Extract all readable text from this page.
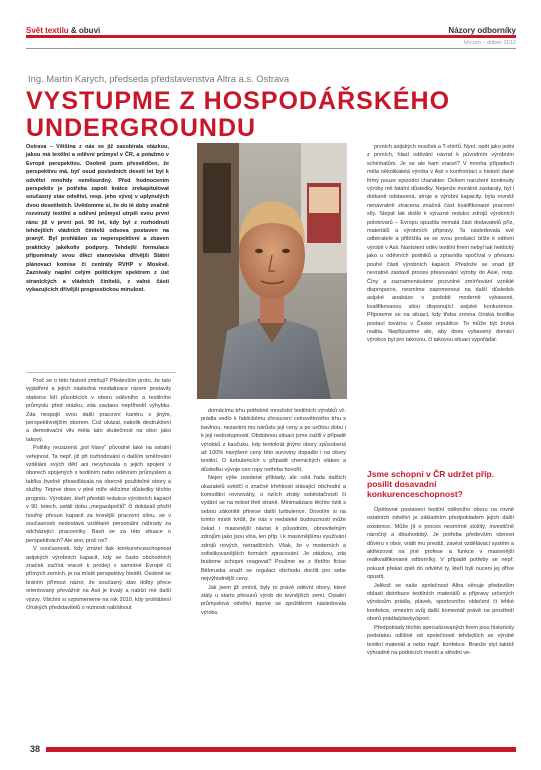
Svět textilu & obuvi	Názory odborníky
březen – duben 2012
Ing. Martin Karych, předseda představenstva Altra a.s. Ostrava
VYSTUPME Z HOSPODÁŘSKÉHO UNDERGROUNDU

Ostrava – Většina z nás se již zasobírala otázkou, jakou má textilní a oděvní průmysl v ČR, a potažmo v Evropě perspektivu. Osobně jsem přesvědčen, že perspektivu má, byť osud posledních desetí let byl k odvětví mnohdy nemilosrdný. Před hodnocením perspektiv je potřeba zapoít krátce zrekapitulovat současný stav odvětví, resp. jeho vývoj v uplynulých dvou desetiletích. Uvědomme si, že do té doby značně rozvinutý textilní a oděvní průmysl utrpěl svou první ránu již v první pol. 90 let, kdy byl z rozhodnutí tehdejších vládních činitelů odsova postaven na pranýř. Byl prohlášen za neperspektivní a zbaven prakticky jakékoliv podpory. Tehdejší formulace připomínaly svou dikci stanoviska dřívější Státní plánovací komise či centrály RVHP v Moskvě. Zaznívaly naplní celým politickým spektrem z úst stranických a vládních činitelů, z valné části vykazujících dřívější prognostickou minulost.

Proč se o této historii zmiňuji? Především proto, že tato vyjádření a jejich následná medializace rázem postavily statisíce lidí působících v oboru oděvního a textilního průmyslu před otázku, zda zavtaou nepříhodit výhybku. Zda nespojit svou další pracovní kariéru s jiným, perspektivnějším oborem. Což ukázal, nakolik destruktivní a demotivační vliv měla tato skutečnost na obor jako takový.

Politiky nezazená „pol hlavy" původně také na ostatní veřejnost. Ta nepř. již při rozhodování o dalším směřování vzdělání svých dětí ani nevyhovala o jejich spojení v oborech spojených s textilním nebo oděvním průmyslem a takřka živelně přesedlávala na obecně použitelné obory a služby. Teprve dnes v plné míře sklízíme důsledky těchto prognóz. Výrobám, kteří přestáli redukce výrobních kapacit v 90. letech, ustáli dobu „megazápočtů" či dokázali přežít houfný přesun kapacit za levnější pracovní sílou, se v současnosti nedostává vzdělané personální náhrady za odcházející pracovníky. Bavit se za této situace o perspektivách? Ale ano, proč ne?

V současnosti, kdy zmizel tlak konkurenceschopnost asijských výrobních kapacit, kdy se často obchodních značek začíná vracet k prodeji v samotné Evropě či přímých zemích, je na místě perspektivy hledět. Osobně se bráním přímout názor, že současný stav dolby přece orientovaný převážně na Asii je trvalý a nabízí mé další výzvy. Všichni si vzpomeneme na rok 2010, kdy prohlášení čínských představitelů o nutnosti nabídnout

domácímu trhu potřebné množství textilních výrobků vč. prádla vedlo k faktickému zhroucení celosvětového trhu s bavlnou, nezantmi mu nárůstu její ceny a po určitou dobu i k její nedostupnosti. Obdobnou situaci jsme zažili v případě výrobků z kaučuku, kdy tentokrát jinými obory způsobená až 100% navýšení ceny této suroviny dopadlo i na obory textilní. O turbulencích v případě chemických vláken a důsledku vývoje cen ropy netřeba hovořit.

Nejen výše uvedené příklady, ale celá řada dalších ukazatelů svědčí o značné křehkosti stávající obchodní a komoditní rovnováhy, o riziích ztráty soběstačnosti či vydání se na milost třetí straně. Minimalizace těchto rizik s sebou zákonitě přinese další turbulence. Dovolím si na tomto místě tvrdit, že nás v nedaleké budoucnosti může čekat i masivnější návrat k původním, obnovitelným zdrojům jako jsou vlna, len příp. i k masivnějšímu využívání zdrojů nových, netradičních. Však, že v moderních a sofistikovanějších formách zpracování. Je otázkou, zda budeme schopni reagovat? Použme se z třetího ficise Běloruska snaží se regulaci obchodu docílit pro sebe nejvýhodnější ceny.

Jak jsem již zmínil, byly to právě oděvní obory, které stály u startu přesunů výrob do levnějších zemí. Ostatní průmyslová odvětví teprve se zpožděním následovala výrobu

prvních asijských nosiček a T-shirtů. Nyní, opět jako jedni z prvních, hlasí oděvání návrat k původním výrobním schématům. Je se ale kam vracet? V mnoha případech měla několikaletá výroba v Asii v konfrontaci s historií dané firmy pouze epizodní charakter. Ovšem narušení kontinuity výroby mě fatální důsledky. Nejenže morálně zastaraly, byl i dotkaně odstavená, stroje a výrobní kapacity, byla rovněž nenávratně ztracena značná část kvalifikované pracovní síly. Stejně tak došlo k výrazné redukci zdrojů výrobních polotovarů – Evropu opustila nemalá část dodavatelů příz, materiálů a výrobních přípravy. Ta následovala své odběratele a přiblížila se se svou produkcí blíže k oděvní výrobě v Asii. Nastolení oděv textilní firem nebyl tak hektický jako u oděvních podniků a zpravidla spočíval v přesunu pouhé části výrobních kapacit. Přestože se snad již nevratně zastavil proces přesouvání výroby do Asie, resp. Číny a zaznamenáváme pozvolné zmírňování vzniklé disproporce, nesmíme zapomenout na další důsledek asijské anabáze v podobě moderně vybavené, kvalifikovanou silou disponující asijské konkurence. Připravme se na situaci, kdy třeba zrovna čínská textilka postaví továrnu v České republice. To může být brzká realita. Nepřipustme ale, aby dnes vybavený domácí výrobce byl pro takovou, či takovou situaci vypořádat.

Jsme schopni v ČR udržet příp. posílit dosavadní konkurenceschopnost?

Opětovné postavení textilní oděvního oboru na rovně ostatních odvětví je základním předpokladem jejich další existence. Může jít o proces nesmírně složitý, investičně náročný a dlouhodobý. Je potřeba především obnovit důvěru v obor, vrátit mu prestiž, zavést vzdělávací systém a aktivizovat na jiné profese a funkce v masivnější reálkvalifikované odborníky. V případě potřeby se nepř. pokusit překat zpět do odvětví ty, kteří byli nuceni jej dříve opustit.

Jelikož se naše společnost Altra věnuje především oblasti distribuce textilních materiálů a přípravy určených výrobcům prádla, plavek, sportovního oblečení či lehké konfekce, omezím svůj další komentář právě na prostředí oborů prádla/plavky/sport.

Předpoklady těchto specializovaných firem jsou historicky podstatou odlišné od společností tehdejších se výrobě textilní materiál a nebo např. konfekce. Branže styl taktéž výhradně na podnicích menší a střední ve-

38
